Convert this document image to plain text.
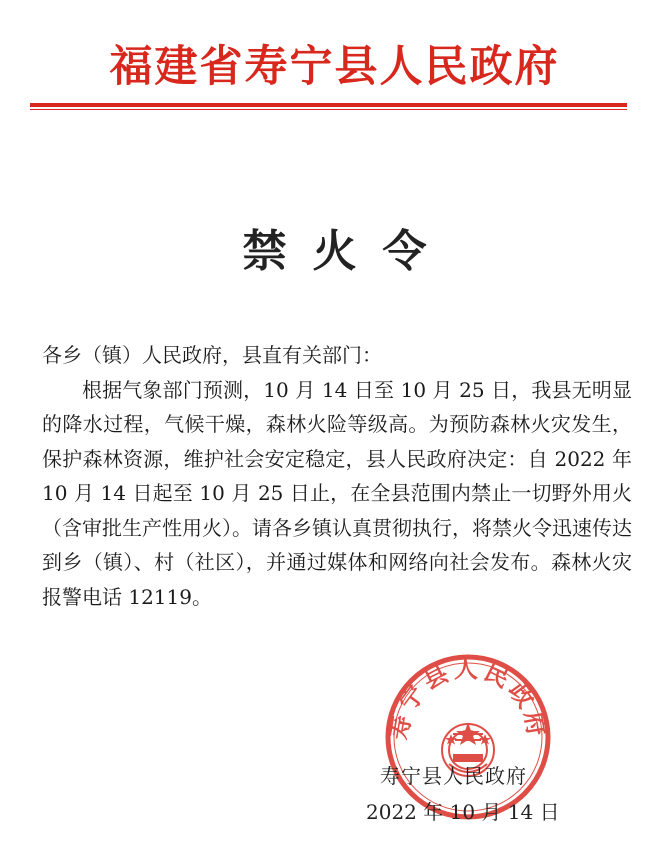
福建省寿宁县人民政府
禁火令

各乡（镇）人民政府，县直有关部门：

根据气象部门预测，10 月 14 日至 10 月 25 日，我县无明显的降水过程，气候干燥，森林火险等级高。为预防森林火灾发生，保护森林资源，维护社会安定稳定，县人民政府决定：自 2022 年 10 月 14 日起至 10 月 25 日止，在全县范围内禁止一切野外用火（含审批生产性用火）。请各乡镇认真贯彻执行，将禁火令迅速传达到乡（镇）、村（社区），并通过媒体和网络向社会发布。森林火灾报警电话 12119。

寿宁县人民政府
寿宁县人民政府
2022 年 10 月 14 日
